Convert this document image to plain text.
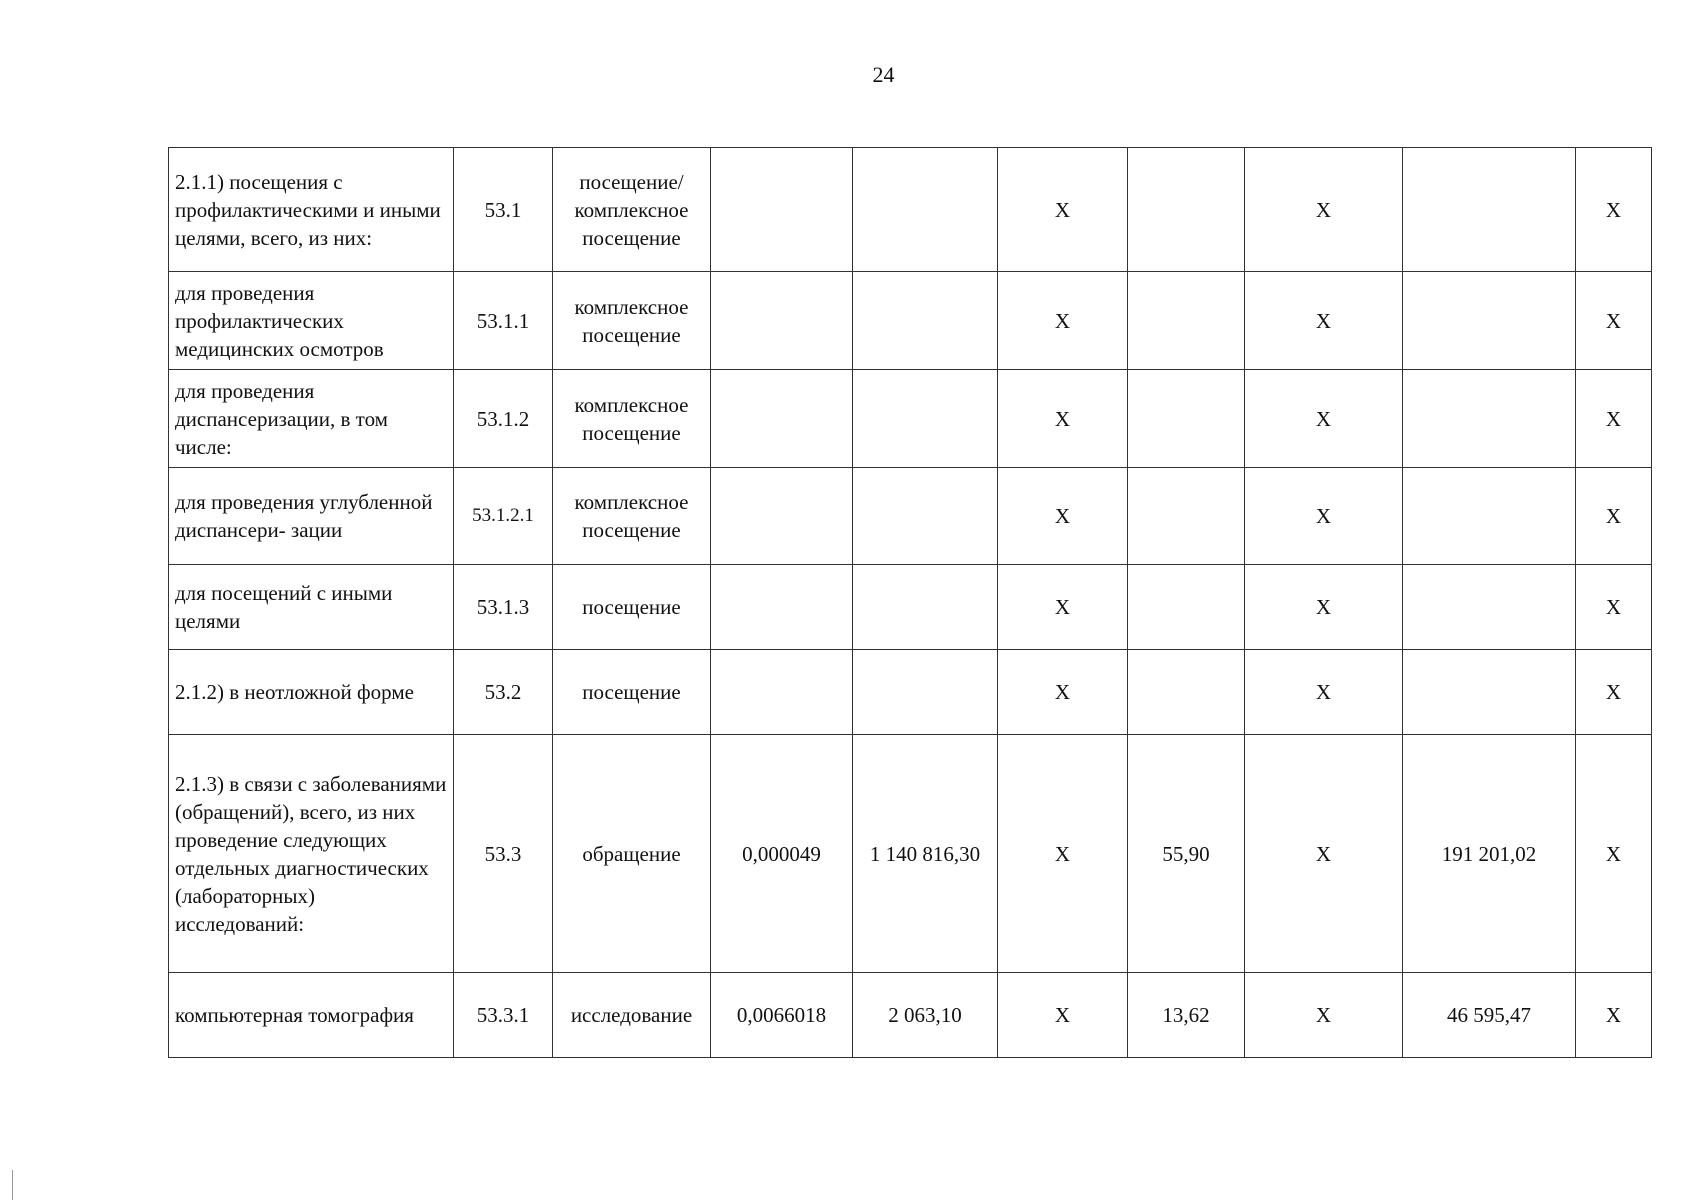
24
2.1.1) посещения с профилактическими и иными целями, всего, из них:	53.1	посещение/ комплексное посещение			X		X		X
для проведения профилактических медицинских осмотров	53.1.1	комплексное посещение			X		X		X
для проведения диспансеризации, в том числе:	53.1.2	комплексное посещение			X		X		X
для проведения углубленной диспансери- зации	53.1.2.1	комплексное посещение			X		X		X
для посещений с иными целями	53.1.3	посещение			X		X		X
2.1.2) в неотложной форме	53.2	посещение			X		X		X
2.1.3) в связи с заболеваниями (обращений), всего, из них проведение следующих отдельных диагностических (лабораторных) исследований:	53.3	обращение	0,000049	1 140 816,30	X	55,90	X	191 201,02	X
компьютерная томография	53.3.1	исследование	0,0066018	2 063,10	X	13,62	X	46 595,47	X
